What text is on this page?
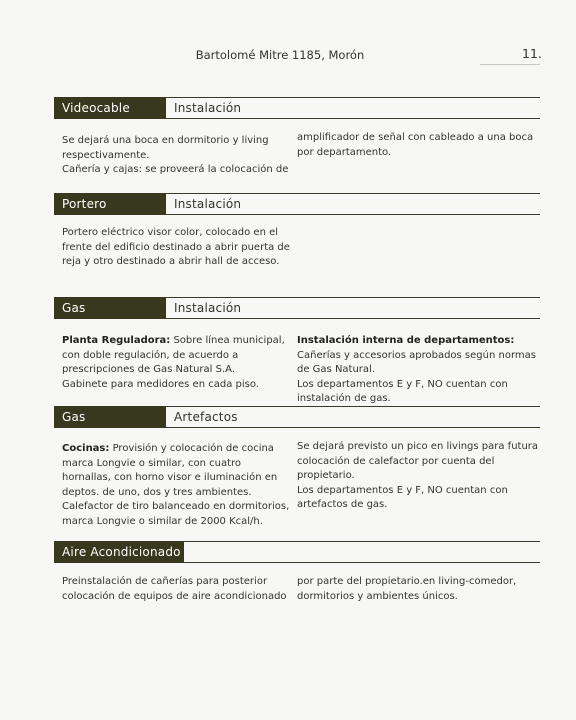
Bartolomé Mitre 1185, Morón	11.
Videocable	Instalación

Se dejará una boca en dormitorio y living respectivamente.

Cañería y cajas: se proveerá la colocación de

amplificador de señal con cableado a una boca por departamento.

Portero	Instalación

Portero eléctrico visor color, colocado en el frente del edificio destinado a abrir puerta de reja y otro destinado a abrir hall de acceso.

Gas	Instalación

Planta Reguladora: Sobre línea municipal, con doble regulación, de acuerdo a prescripciones de Gas Natural S.A.

Gabinete para medidores en cada piso.

Instalación interna de departamentos: Cañerías y accesorios aprobados según normas de Gas Natural.

Los departamentos E y F, NO cuentan con instalación de gas.

Gas	Artefactos

Cocinas: Provisión y colocación de cocina marca Longvie o similar, con cuatro hornallas, con horno visor e iluminación en deptos. de uno, dos y tres ambientes.

Calefactor de tiro balanceado en dormitorios, marca Longvie o similar de 2000 Kcal/h.

Se dejará previsto un pico en livings para futura colocación de calefactor por cuenta del propietario.

Los departamentos E y F, NO cuentan con artefactos de gas.

Aire Acondicionado

Preinstalación de cañerías para posterior colocación de equipos de aire acondicionado

por parte del propietario.en living-comedor, dormitorios y ambientes únicos.
